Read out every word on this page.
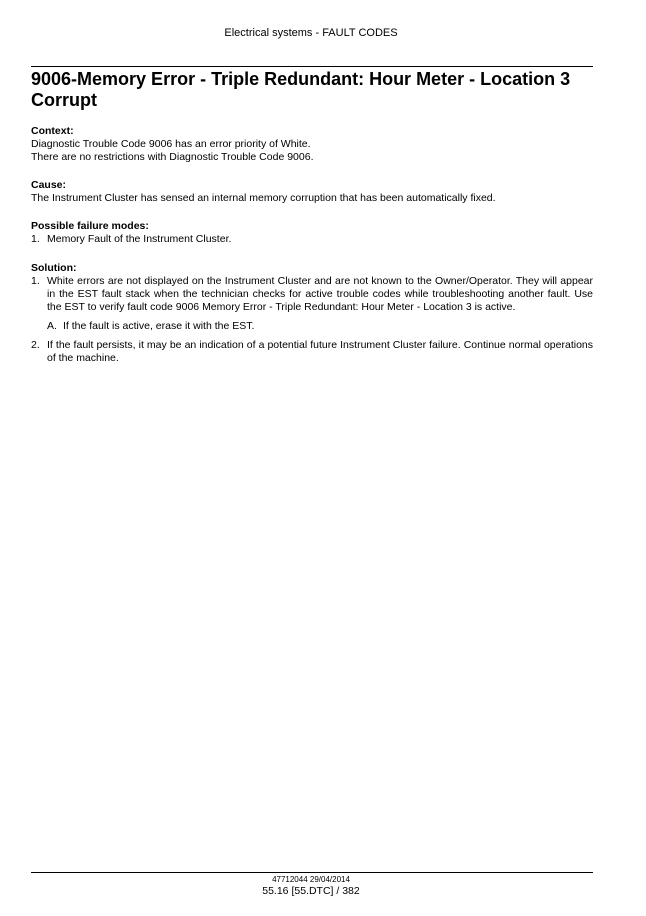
Electrical systems - FAULT CODES
9006-Memory Error - Triple Redundant: Hour Meter - Location 3 Corrupt
Context:
Diagnostic Trouble Code 9006 has an error priority of White.
There are no restrictions with Diagnostic Trouble Code 9006.
Cause:
The Instrument Cluster has sensed an internal memory corruption that has been automatically fixed.
Possible failure modes:
1. Memory Fault of the Instrument Cluster.
Solution:
1. White errors are not displayed on the Instrument Cluster and are not known to the Owner/Operator. They will appear in the EST fault stack when the technician checks for active trouble codes while troubleshooting another fault. Use the EST to verify fault code 9006 Memory Error - Triple Redundant: Hour Meter - Location 3 is active.
A. If the fault is active, erase it with the EST.
2. If the fault persists, it may be an indication of a potential future Instrument Cluster failure. Continue normal operations of the machine.
47712044 29/04/2014
55.16 [55.DTC] / 382
